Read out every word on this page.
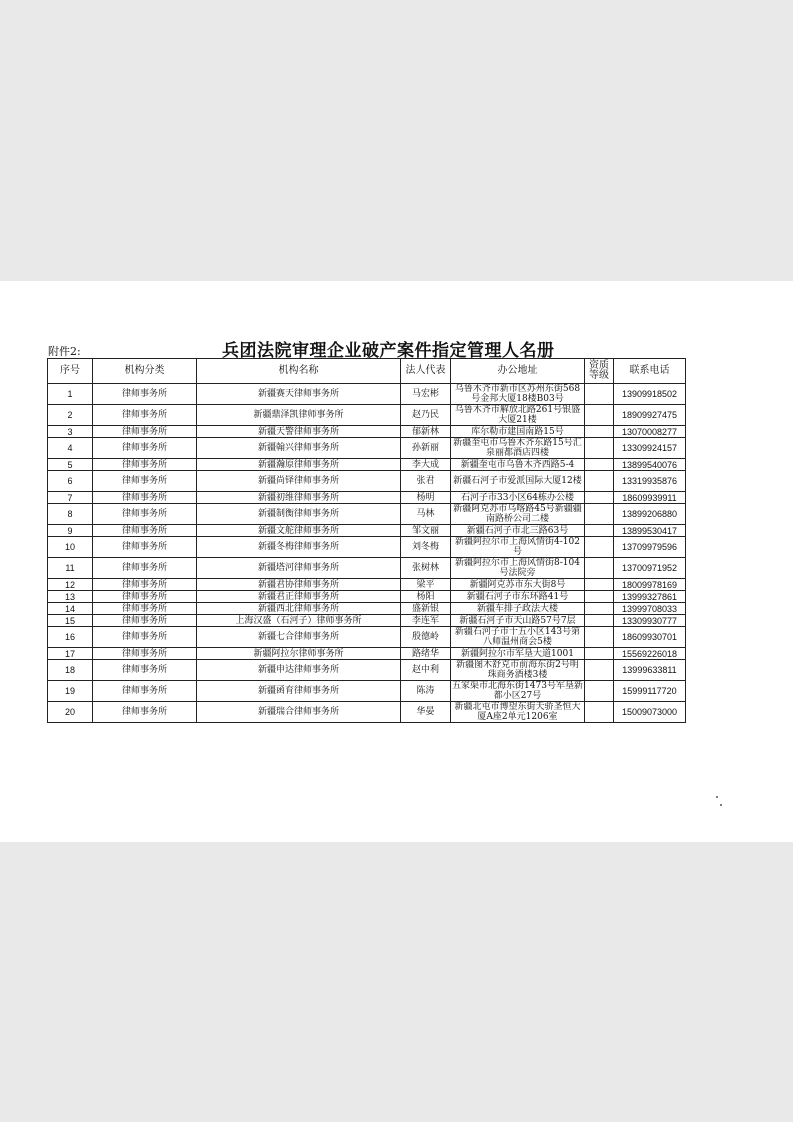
附件2:	兵团法院审理企业破产案件指定管理人名册
序号	机构分类	机构名称	法人代表	办公地址	资质等级	联系电话
1	律师事务所	新疆赛天律师事务所	马宏彬	乌鲁木齐市新市区苏州东街568号金邦大厦18楼B03号		13909918502
2	律师事务所	新疆鼎泽凯律师事务所	赵乃民	乌鲁木齐市解放北路261号银盛大厦21楼		18909927475
3	律师事务所	新疆天警律师事务所	郁新林	库尔勒市建国南路15号		13070008277
4	律师事务所	新疆翰兴律师事务所	孙新丽	新疆奎屯市乌鲁木齐东路15号汇泉丽都酒店四楼		13309924157
5	律师事务所	新疆瀚原律师事务所	李大成	新疆奎屯市乌鲁木齐西路5-4		13899540076
6	律师事务所	新疆尚铎律师事务所	张君	新疆石河子市爱派国际大厦12楼		13319935876
7	律师事务所	新疆初维律师事务所	杨明	石河子市33小区64栋办公楼		18609939911
8	律师事务所	新疆制衡律师事务所	马林	新疆阿克苏市乌喀路45号新疆疆南路桥公司二楼		13899206880
9	律师事务所	新疆文舵律师事务所	邹文丽	新疆石河子市北三路63号		13899530417
10	律师事务所	新疆冬梅律师事务所	刘冬梅	新疆阿拉尔市上海风情街4-102号		13709979596
11	律师事务所	新疆塔河律师事务所	张树林	新疆阿拉尔市上海风情街8-104号法院旁		13700971952
12	律师事务所	新疆君协律师事务所	梁平	新疆阿克苏市东大街8号		18009978169
13	律师事务所	新疆君正律师事务所	杨阳	新疆石河子市东环路41号		13999327861
14	律师事务所	新疆西北律师事务所	盛新银	新疆车排子政法大楼		13999708033
15	律师事务所	上海汉盛（石河子）律师事务所	李连军	新疆石河子市天山路57号7层		13309930777
16	律师事务所	新疆七合律师事务所	殷德岭	新疆石河子市十五小区143号第八师温州商会5楼		18609930701
17	律师事务所	新疆阿拉尔律师事务所	路绪华	新疆阿拉尔市军垦大道1001		15569226018
18	律师事务所	新疆申达律师事务所	赵中利	新疆图木舒克市前海东街2号明珠商务酒楼3楼		13999633811
19	律师事务所	新疆函育律师事务所	陈涛	五家渠市北海东街1473号军垦新都小区27号		15999117720
20	律师事务所	新疆瑞合律师事务所	华晏	新疆北屯市博望东街天骄圣恒大厦A座2单元1206室		15009073000
